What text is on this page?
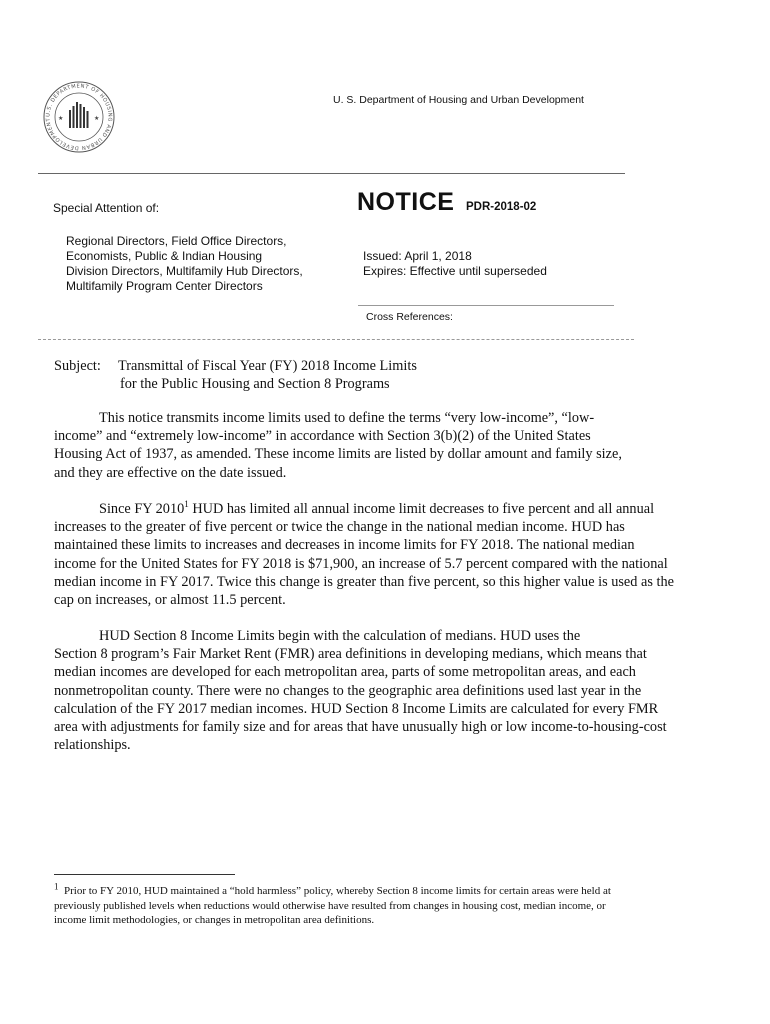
U.S. DEPARTMENT OF HOUSING AND URBAN DEVELOPMENT	★	★
U. S. Department of Housing and Urban Development
Special Attention of:
Regional Directors, Field Office Directors,
Economists, Public & Indian Housing
Division Directors, Multifamily Hub Directors,
Multifamily Program Center Directors
NOTICE PDR-2018-02
Issued: April 1, 2018
Expires: Effective until superseded
Cross References:
Subject: Transmittal of Fiscal Year (FY) 2018 Income Limits
for the Public Housing and Section 8 Programs
This notice transmits income limits used to define the terms “very low-income”, “low-
income” and “extremely low-income” in accordance with Section 3(b)(2) of the United States
Housing Act of 1937, as amended. These income limits are listed by dollar amount and family size,
and they are effective on the date issued.
Since FY 2010$^1$ HUD has limited all annual income limit decreases to five percent and all annual
increases to the greater of five percent or twice the change in the national median income. HUD has
maintained these limits to increases and decreases in income limits for FY 2018. The national median
income for the United States for FY 2018 is $71,900, an increase of 5.7 percent compared with the national
median income in FY 2017. Twice this change is greater than five percent, so this higher value is used as the
cap on increases, or almost 11.5 percent.
HUD Section 8 Income Limits begin with the calculation of medians. HUD uses the
Section 8 program’s Fair Market Rent (FMR) area definitions in developing medians, which means that
median incomes are developed for each metropolitan area, parts of some metropolitan areas, and each
nonmetropolitan county. There were no changes to the geographic area definitions used last year in the
calculation of the FY 2017 median incomes. HUD Section 8 Income Limits are calculated for every FMR
area with adjustments for family size and for areas that have unusually high or low income-to-housing-cost
relationships.
$^1$ Prior to FY 2010, HUD maintained a “hold harmless” policy, whereby Section 8 income limits for certain areas were held at
previously published levels when reductions would otherwise have resulted from changes in housing cost, median income, or
income limit methodologies, or changes in metropolitan area definitions.
